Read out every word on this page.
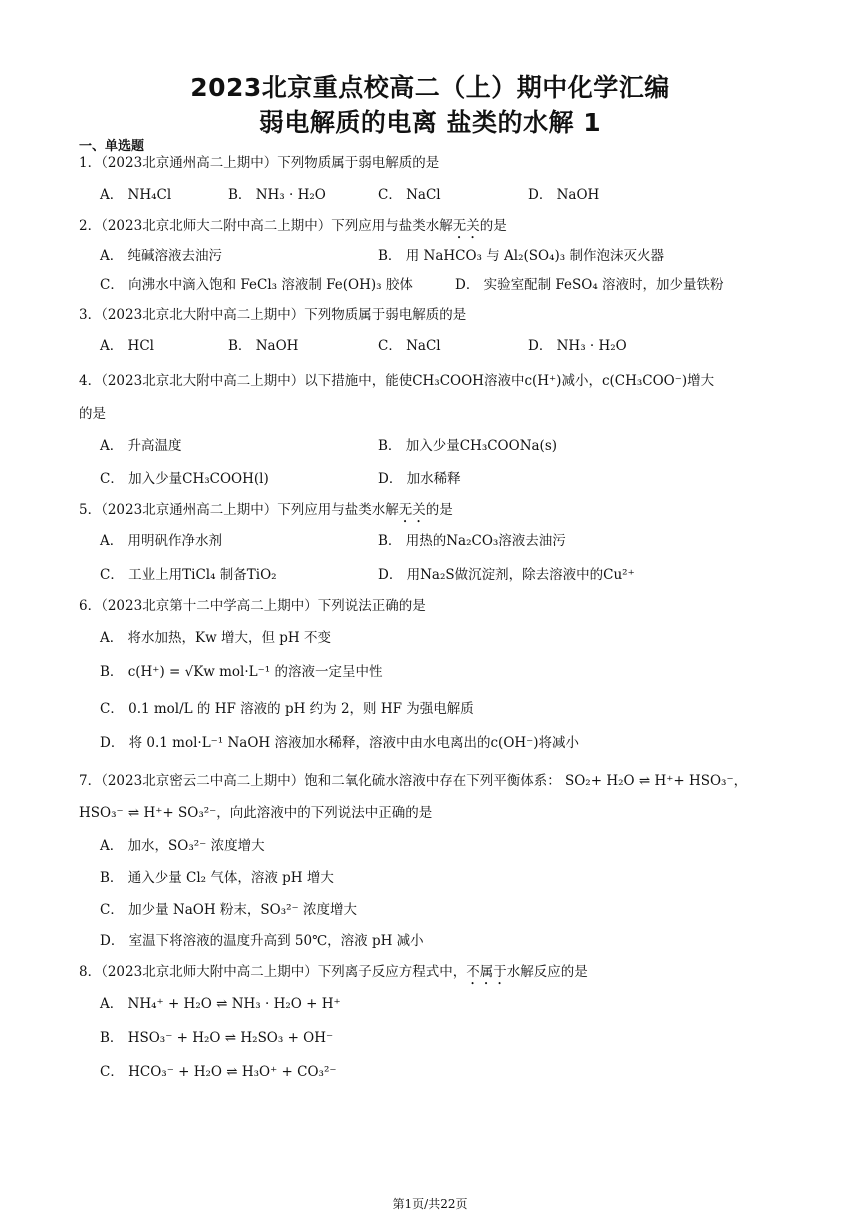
2023北京重点校高二（上）期中化学汇编
弱电解质的电离 盐类的水解 1
一、单选题
1．（2023北京通州高二上期中）下列物质属于弱电解质的是
A． NH₄Cl	B． NH₃ · H₂O	C． NaCl	D． NaOH
2．（2023北京北师大二附中高二上期中）下列应用与盐类水解无关的是
A． 纯碱溶液去油污	B． 用 NaHCO₃ 与 Al₂(SO₄)₃ 制作泡沫灭火器
C． 向沸水中滴入饱和 FeCl₃ 溶液制 Fe(OH)₃ 胶体	D． 实验室配制 FeSO₄ 溶液时，加少量铁粉
3．（2023北京北大附中高二上期中）下列物质属于弱电解质的是
A． HCl	B． NaOH	C． NaCl	D． NH₃ · H₂O
4．（2023北京北大附中高二上期中）以下措施中，能使CH₃COOH溶液中c(H⁺)减小，c(CH₃COO⁻)增大
的是
A． 升高温度	B． 加入少量CH₃COONa(s)
C． 加入少量CH₃COOH(l)	D． 加水稀释
5．（2023北京通州高二上期中）下列应用与盐类水解无关的是
A． 用明矾作净水剂	B． 用热的Na₂CO₃溶液去油污
C． 工业上用TiCl₄ 制备TiO₂	D． 用Na₂S做沉淀剂，除去溶液中的Cu²⁺
6．（2023北京第十二中学高二上期中）下列说法正确的是
A． 将水加热，Kw 增大，但 pH 不变
B． c(H⁺) = √Kw mol·L⁻¹ 的溶液一定呈中性
C． 0.1 mol/L 的 HF 溶液的 pH 约为 2，则 HF 为强电解质
D． 将 0.1 mol·L⁻¹ NaOH 溶液加水稀释，溶液中由水电离出的c(OH⁻)将减小
7．（2023北京密云二中高二上期中）饱和二氧化硫水溶液中存在下列平衡体系： SO₂+ H₂O ⇌ H⁺+ HSO₃⁻，
HSO₃⁻ ⇌ H⁺+ SO₃²⁻，向此溶液中的下列说法中正确的是
A． 加水，SO₃²⁻ 浓度增大
B． 通入少量 Cl₂ 气体，溶液 pH 增大
C． 加少量 NaOH 粉末，SO₃²⁻ 浓度增大
D． 室温下将溶液的温度升高到 50℃，溶液 pH 减小
8．（2023北京北师大附中高二上期中）下列离子反应方程式中，不属于水解反应的是
A． NH₄⁺ + H₂O ⇌ NH₃ · H₂O + H⁺
B． HSO₃⁻ + H₂O ⇌ H₂SO₃ + OH⁻
C． HCO₃⁻ + H₂O ⇌ H₃O⁺ + CO₃²⁻
第1页/共22页
